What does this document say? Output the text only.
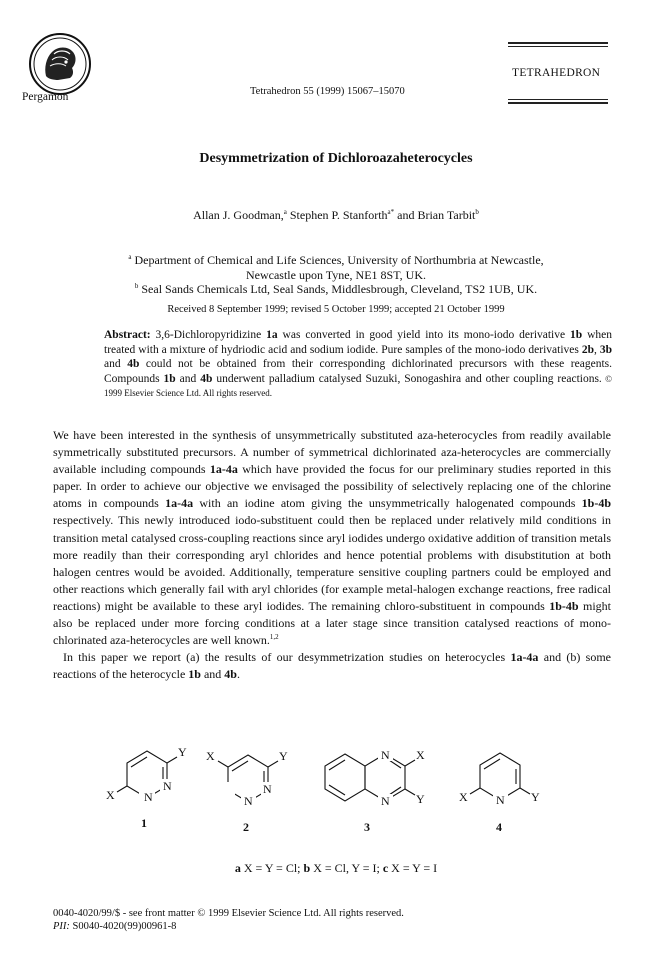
Pergamon	Tetrahedron 55 (1999) 15067–15070
TETRAHEDRON
Desymmetrization of Dichloroazaheterocycles
Allan J. Goodman,$^a$ Stephen P. Stanforth$^{a*}$ and Brian Tarbit$^b$
$^a$ Department of Chemical and Life Sciences, University of Northumbria at Newcastle,
Newcastle upon Tyne, NE1 8ST, UK.
$^b$ Seal Sands Chemicals Ltd, Seal Sands, Middlesbrough, Cleveland, TS2 1UB, UK.
Received 8 September 1999; revised 5 October 1999; accepted 21 October 1999
Abstract: 3,6-Dichloropyridizine 1a was converted in good yield into its mono-iodo derivative 1b when treated with a mixture of hydriodic acid and sodium iodide. Pure samples of the mono-iodo derivatives 2b, 3b and 4b could not be obtained from their corresponding dichlorinated precursors with these reagents. Compounds 1b and 4b underwent palladium catalysed Suzuki, Sonogashira and other coupling reactions. © 1999 Elsevier Science Ltd. All rights reserved.

We have been interested in the synthesis of unsymmetrically substituted aza-heterocycles from readily available symmetrically substituted precursors. A number of symmetrical dichlorinated aza-heterocycles are commercially available including compounds 1a-4a which have provided the focus for our preliminary studies reported in this paper. In order to achieve our objective we envisaged the possibility of selectively replacing one of the chlorine atoms in compounds 1a-4a with an iodine atom giving the unsymmetrically halogenated compounds 1b-4b respectively. This newly introduced iodo-substituent could then be replaced under relatively mild conditions in transition metal catalysed cross-coupling reactions since aryl iodides undergo oxidative addition of transition metals more readily than their corresponding aryl chlorides and hence potential problems with disubstitution at both halogen centres would be avoided. Additionally, temperature sensitive coupling partners could be employed and other reactions which generally fail with aryl chlorides (for example metal-halogen exchange reactions, free radical reactions) might be available to these aryl iodides. The remaining chloro-substituent in compounds 1b-4b might also be replaced under more forcing conditions at a later stage since transition catalysed reactions of mono-chlorinated aza-heterocycles are well known.$^{1,2}$

In this paper we report (a) the results of our desymmetrization studies on heterocycles 1a-4a and (b) some reactions of the heterocycle 1b and 4b.

N
N
X
Y
1
N
N
X	Y
2
N
N
X
Y
3
N
X	Y
4
a X = Y = Cl; b X = Cl, Y = I; c X = Y = I
0040-4020/99/$ - see front matter © 1999 Elsevier Science Ltd. All rights reserved.
PII: S0040-4020(99)00961-8
